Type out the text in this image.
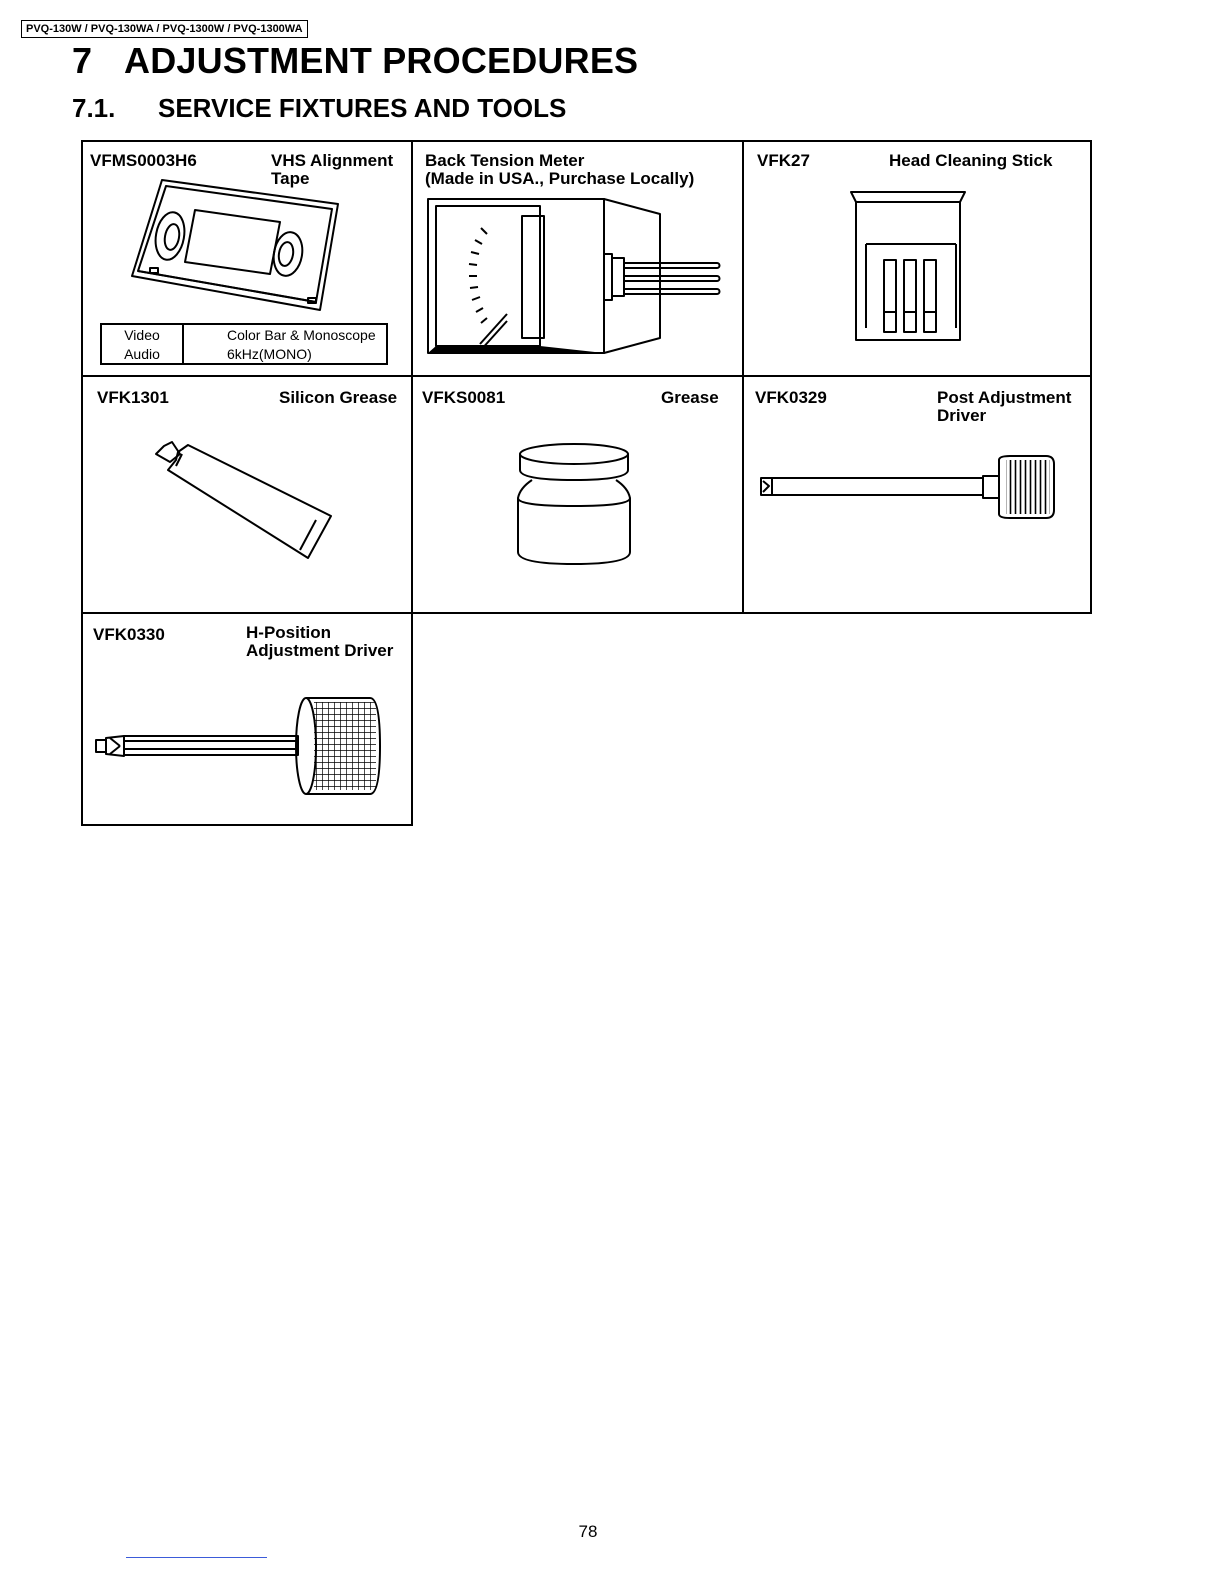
PVQ-130W / PVQ-130WA / PVQ-1300W / PVQ-1300WA
7 ADJUSTMENT PROCEDURES
7.1. SERVICE FIXTURES AND TOOLS
VFMS0003H6	VHS Alignment
Tape
Video	Color Bar & Monoscope
Audio	6kHz(MONO)
Back Tension Meter
(Made in USA., Purchase Locally)
VFK27	Head Cleaning Stick
VFK1301	Silicon Grease VFKS0081	Grease VFK0329	Post Adjustment
Driver
VFK0330	H-Position
Adjustment Driver
78
